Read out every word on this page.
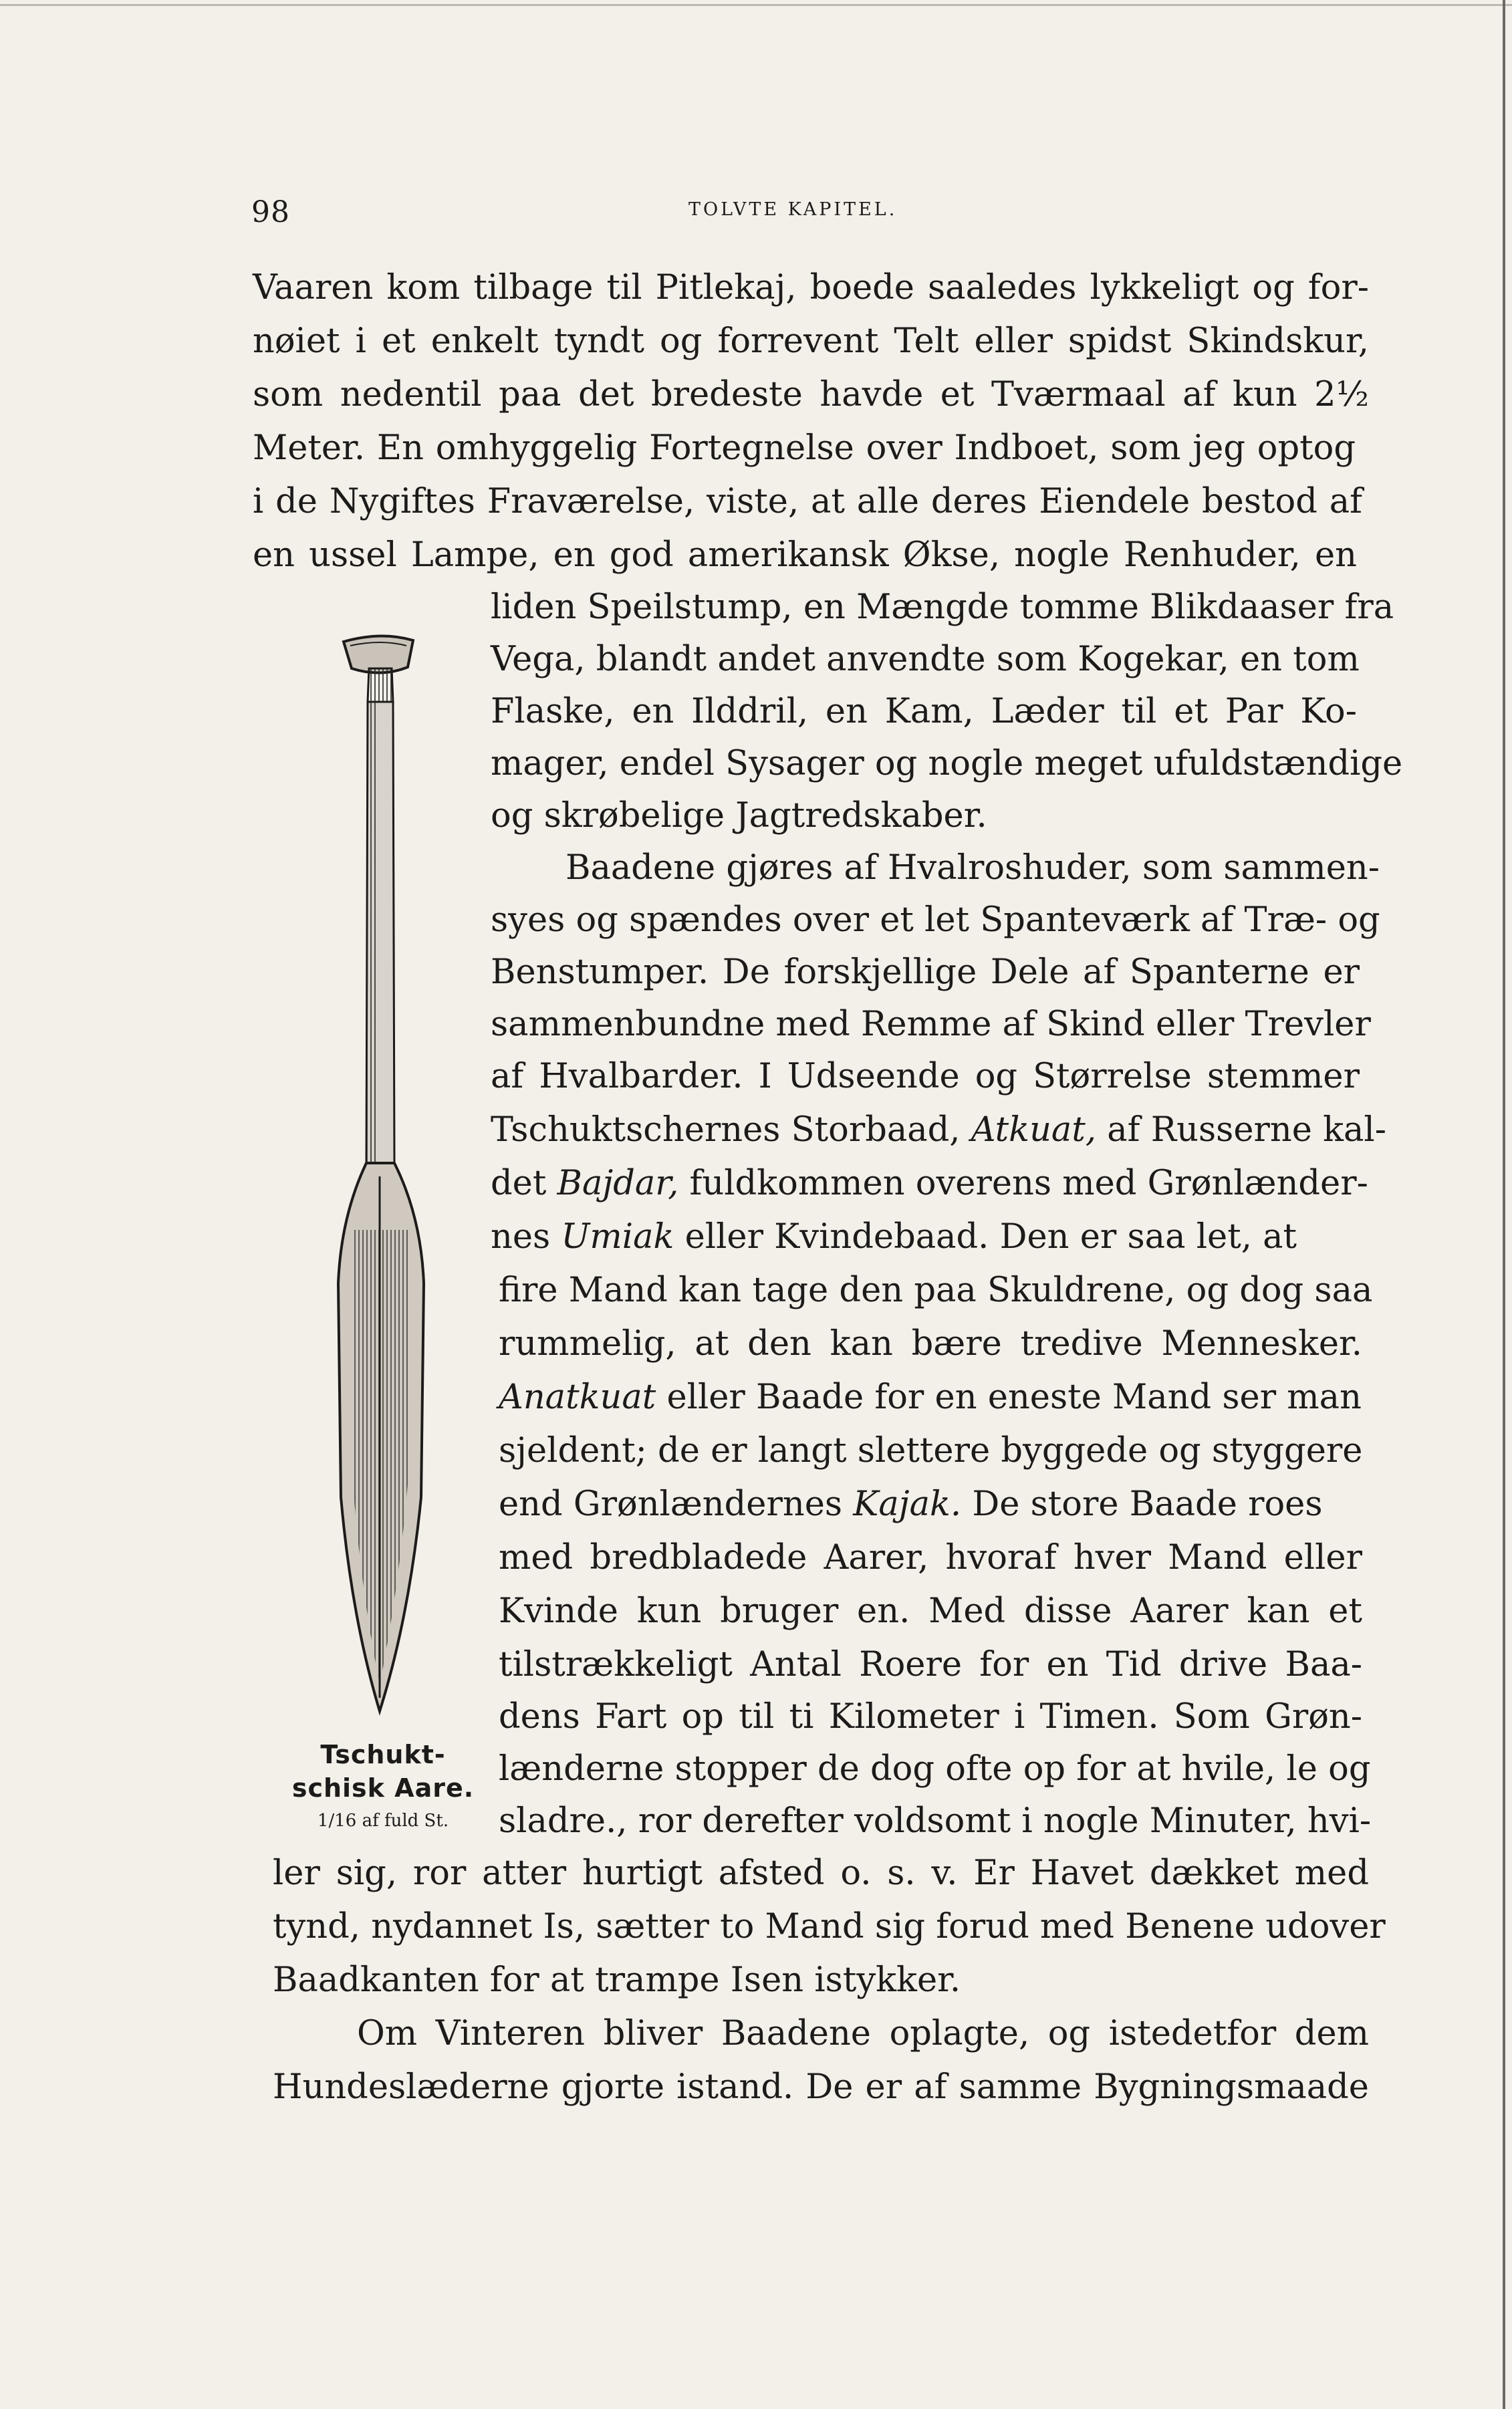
98	TOLVTE KAPITEL.
Vaaren kom tilbage til Pitlekaj, boede saaledes lykkeligt og for-
nøiet i et enkelt tyndt og forrevent Telt eller spidst Skindskur,
som nedentil paa det bredeste havde et Tværmaal af kun 2½
Meter. En omhyggelig Fortegnelse over Indboet, som jeg optog
i de Nygiftes Fraværelse, viste, at alle deres Eiendele bestod af
en ussel Lampe, en god amerikansk Økse, nogle Renhuder, en
liden Speilstump, en Mængde tomme Blikdaaser fra
Vega, blandt andet anvendte som Kogekar, en tom
Flaske, en Ilddril, en Kam, Læder til et Par Ko-
mager, endel Sysager og nogle meget ufuldstændige
og skrøbelige Jagtredskaber.
Baadene gjøres af Hvalroshuder, som sammen-
syes og spændes over et let Spanteværk af Træ- og
Benstumper. De forskjellige Dele af Spanterne er
sammenbundne med Remme af Skind eller Trevler
af Hvalbarder. I Udseende og Størrelse stemmer
Tschuktschernes Storbaad, Atkuat, af Russerne kal-
det Bajdar, fuldkommen overens med Grønlænder-
nes Umiak eller Kvindebaad. Den er saa let, at
fire Mand kan tage den paa Skuldrene, og dog saa
rummelig, at den kan bære tredive Mennesker.
Anatkuat eller Baade for en eneste Mand ser man
sjeldent; de er langt slettere byggede og styggere
end Grønlændernes Kajak. De store Baade roes
med bredbladede Aarer, hvoraf hver Mand eller
Kvinde kun bruger en. Med disse Aarer kan et
tilstrækkeligt Antal Roere for en Tid drive Baa-
dens Fart op til ti Kilometer i Timen. Som Grøn-
lænderne stopper de dog ofte op for at hvile, le og
sladre., ror derefter voldsomt i nogle Minuter, hvi-
ler sig, ror atter hurtigt afsted o. s. v. Er Havet dækket med
tynd, nydannet Is, sætter to Mand sig forud med Benene udover
Baadkanten for at trampe Isen istykker.
Om Vinteren bliver Baadene oplagte, og istedetfor dem
Hundeslæderne gjorte istand. De er af samme Bygningsmaade
Tschukt-
schisk Aare.
1/16 af fuld St.
